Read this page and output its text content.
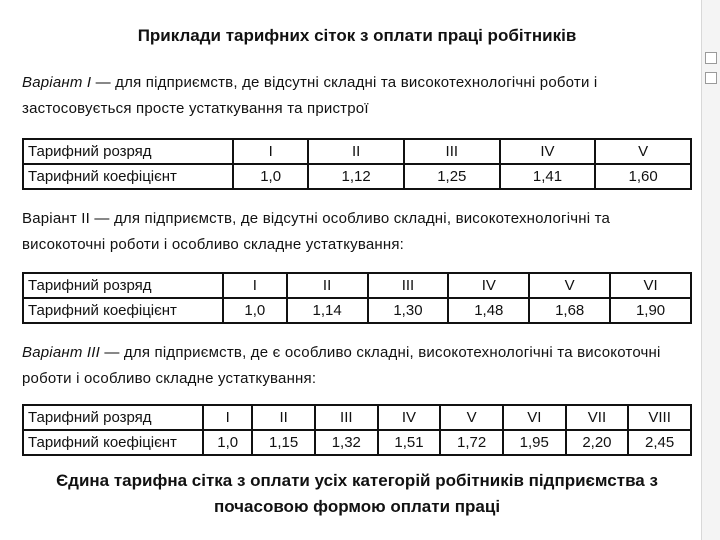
Приклади тарифних сіток з оплати праці робітників
Варіант I — для підприємств, де відсутні складні та високотехнологічні роботи і застосовується просте устаткування та пристрої
Тарифний розряд	I	II	III	IV	V
Тарифний коефіцієнт	1,0	1,12	1,25	1,41	1,60
Варіант II — для підприємств, де відсутні особливо складні, високотехнологічні та високоточні роботи і особливо складне устаткування:
Тарифний розряд	I	II	III	IV	V	VI
Тарифний коефіцієнт	1,0	1,14	1,30	1,48	1,68	1,90
Варіант III — для підприємств, де є особливо складні, високотехнологічні та високоточні роботи і особливо складне устаткування:
Тарифний розряд	I	II	III	IV	V	VI	VII	VIII
Тарифний коефіцієнт	1,0	1,15	1,32	1,51	1,72	1,95	2,20	2,45
Єдина тарифна сітка з оплати усіх категорій робітників підприємства з почасовою формою оплати праці
